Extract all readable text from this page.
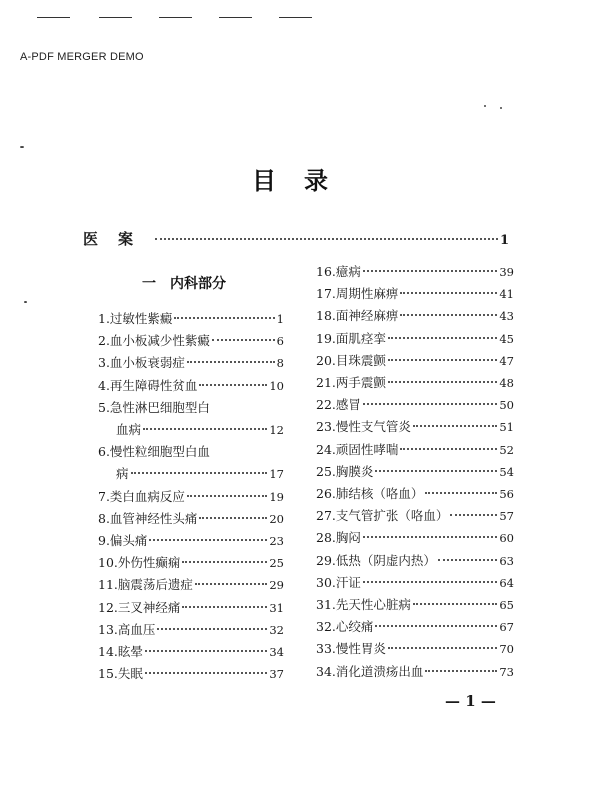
A-PDF MERGER DEMO
目录
医案	1
一　内科部分
1.过敏性紫癜	1
2.血小板减少性紫癜	6
3.血小板衰弱症	8
4.再生障碍性贫血	10
5.急性淋巴细胞型白
血病	12
6.慢性粒细胞型白血
病	17
7.类白血病反应	19
8.血管神经性头痛	20
9.偏头痛	23
10.外伤性癫痫	25
11.脑震荡后遗症	29
12.三叉神经痛	31
13.高血压	32
14.眩晕	34
15.失眠	37
16.癔病	39
17.周期性麻痹	41
18.面神经麻痹	43
19.面肌痉挛	45
20.目珠震颤	47
21.两手震颤	48
22.感冒	50
23.慢性支气管炎	51
24.顽固性哮喘	52
25.胸膜炎	54
26.肺结核（咯血）	56
27.支气管扩张（咯血）	57
28.胸闷	60
29.低热（阴虚内热）	63
30.汗证	64
31.先天性心脏病	65
32.心绞痛	67
33.慢性胃炎	70
34.消化道溃疡出血	73
— 1 —
